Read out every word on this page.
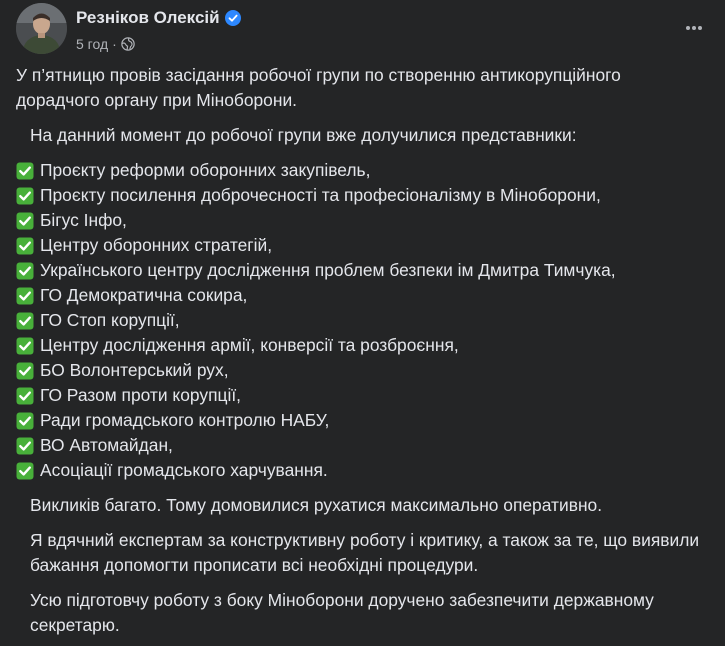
Резніков Олексій
5 год ·

У п’ятницю провів засідання робочої групи по створенню антикорупційного дорадчого органу при Міноборони.

На данний момент до робочої групи вже долучилися представники:

Проєкту реформи оборонних закупівель,
Проєкту посилення доброчесності та професіоналізму в Міноборони,
Бігус Інфо,
Центру оборонних стратегій,
Українського центру дослідження проблем безпеки ім Дмитра Тимчука,
ГО Демократична сокира,
ГО Стоп корупції,
Центру дослідження армії, конверсії та розброєння,
БО Волонтерський рух,
ГО Разом проти корупції,
Ради громадського контролю НАБУ,
ВО Автомайдан,
Асоціації громадського харчування.

Викликів багато. Тому домовилися рухатися максимально оперативно.

Я вдячний експертам за конструктивну роботу і критику, а також за те, що виявили бажання допомогти прописати всі необхідні процедури.

Усю підготовчу роботу з боку Міноборони доручено забезпечити державному секретарю.
